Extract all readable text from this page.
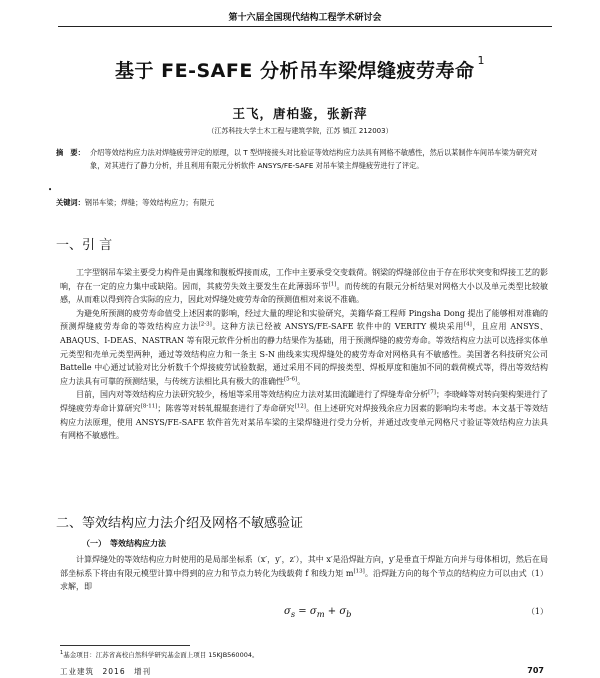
第十六届全国现代结构工程学术研讨会
基于 FE-SAFE 分析吊车梁焊缝疲劳寿命 $^1$
王飞，唐柏鉴，张新萍
（江苏科技大学土木工程与建筑学院，江苏 镇江 212003）
摘　要： 介绍等效结构应力法对焊缝疲劳评定的原理，以 T 型焊接接头对比验证等效结构应力法具有网格不敏感性，然后以某制作车间吊车梁为研究对象，对其进行了静力分析，并且利用有限元分析软件 ANSYS/FE-SAFE 对吊车梁主焊缝疲劳进行了评定。
•
关键词：钢吊车梁；焊缝；等效结构应力；有限元
一、引 言

工字型钢吊车梁主要受力构件是由翼缘和腹板焊接而成，工作中主要承受交变载荷。钢梁的焊缝部位由于存在形状突变和焊接工艺的影响，存在一定的应力集中或缺陷。因而，其疲劳失效主要发生在此薄弱环节[1]。而传统的有限元分析结果对网格大小以及单元类型比较敏感，从而难以得到符合实际的应力，因此对焊缝处疲劳寿命的预测值相对来说不准确。

为避免所预测的疲劳寿命值受上述因素的影响，经过大量的理论和实验研究，美籍华裔工程师 Pingsha Dong 提出了能够相对准确的预测焊缝疲劳寿命的等效结构应力法[2-3]。这种方法已经被 ANSYS/FE-SAFE 软件中的 VERITY 模块采用[4]，且应用 ANSYS、ABAQUS、I-DEAS、NASTRAN 等有限元软件分析出的静力结果作为基础，用于预测焊缝的疲劳寿命。等效结构应力法可以选择实体单元类型和壳单元类型两种，通过等效结构应力和一条主 S-N 曲线来实现焊缝处的疲劳寿命对网格具有不敏感性。美国著名科技研究公司 Battelle 中心通过试验对比分析数千个焊接疲劳试验数据，通过采用不同的焊接类型、焊板厚度和施加不同的载荷模式等，得出等效结构应力法具有可靠的预测结果，与传统方法相比具有极大的准确性[5-6]。

目前，国内对等效结构应力法研究较少，杨旭等采用等效结构应力法对某田流罐进行了焊缝寿命分析[7]；李晓峰等对转向架构架进行了焊缝疲劳寿命计算研究[8-11]；陈蓉等对转轧辊辊套进行了寿命研究[12]。但上述研究对焊接残余应力因素的影响均未考虑。本文基于等效结构应力法原理，使用 ANSYS/FE-SAFE 软件首先对某吊车梁的主梁焊缝进行受力分析，并通过改变单元网格尺寸验证等效结构应力法具有网格不敏感性。

二、等效结构应力法介绍及网格不敏感验证
（一）　等效结构应力法

计算焊缝处的等效结构应力时使用的是局部坐标系（x′，y′，z′），其中 x′是沿焊趾方向，y′是垂直于焊趾方向并与母体相切，然后在局部坐标系下将由有限元模型计算中得到的应力和节点力转化为线载荷 f 和线力矩 m[13]。沿焊趾方向的每个节点的结构应力可以由式（1）求解，即

$\sigma_s = \sigma_m + \sigma_b$	（1）
$^1$基金项目：江苏省高校自然科学研究基金面上项目 15KJB560004。
工业建筑　2016　增刊	707
